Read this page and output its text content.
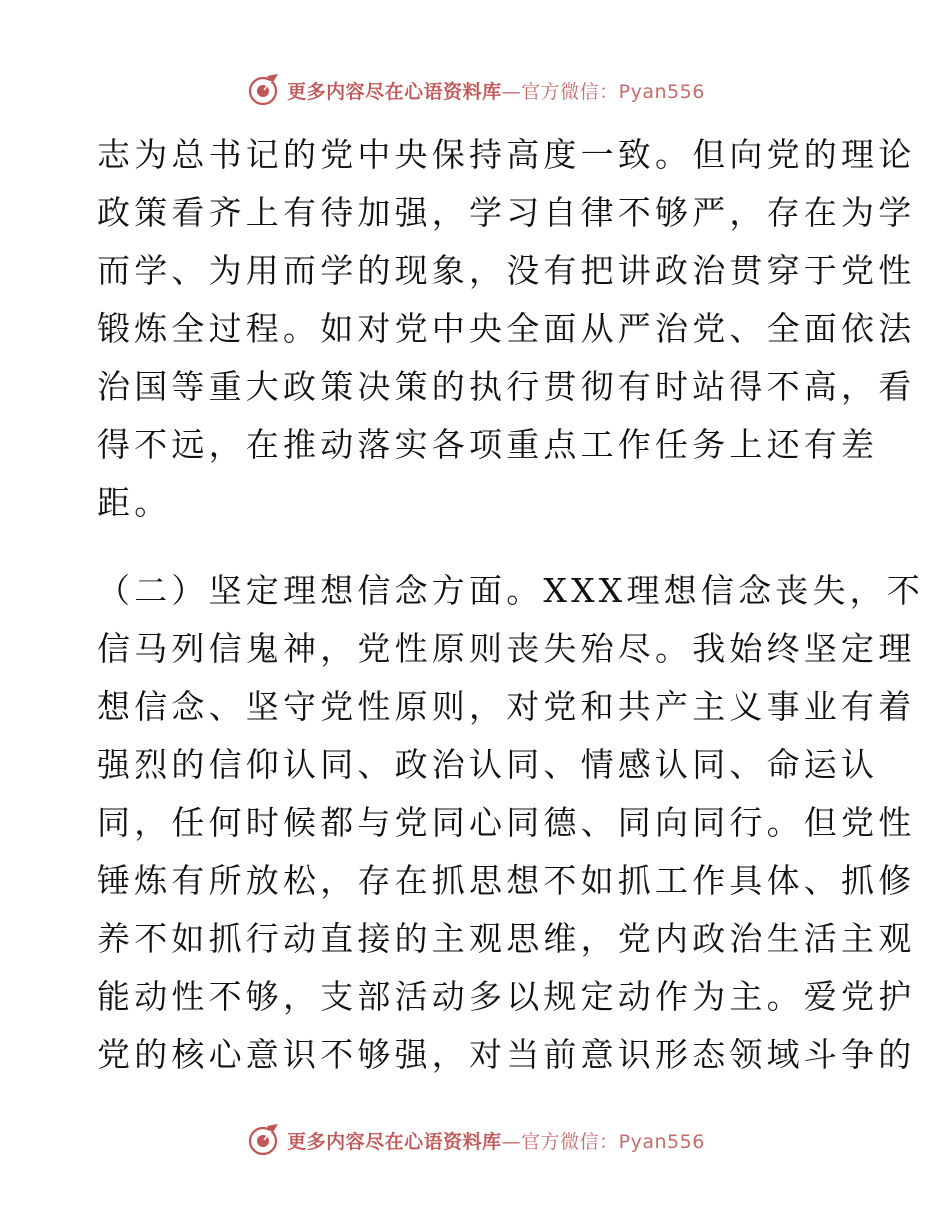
更多内容尽在心语资料库—官方微信：Pyan556
志为总书记的党中央保持高度一致。但向党的理论
政策看齐上有待加强，学习自律不够严，存在为学
而学、为用而学的现象，没有把讲政治贯穿于党性
锻炼全过程。如对党中央全面从严治党、全面依法
治国等重大政策决策的执行贯彻有时站得不高，看
得不远，在推动落实各项重点工作任务上还有差
距。
（二）坚定理想信念方面。XXX理想信念丧失，不
信马列信鬼神，党性原则丧失殆尽。我始终坚定理
想信念、坚守党性原则，对党和共产主义事业有着
强烈的信仰认同、政治认同、情感认同、命运认
同，任何时候都与党同心同德、同向同行。但党性
锤炼有所放松，存在抓思想不如抓工作具体、抓修
养不如抓行动直接的主观思维，党内政治生活主观
能动性不够，支部活动多以规定动作为主。爱党护
党的核心意识不够强，对当前意识形态领域斗争的
更多内容尽在心语资料库—官方微信：Pyan556
